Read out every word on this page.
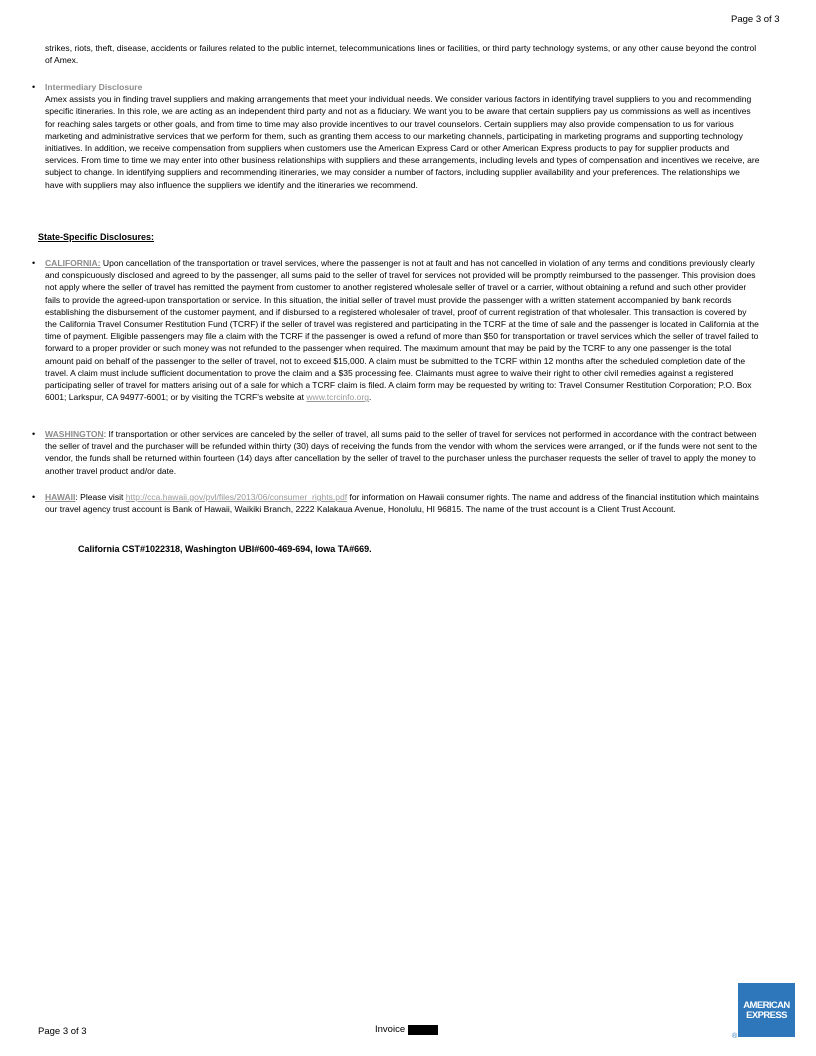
Page 3 of 3

strikes, riots, theft, disease, accidents or failures related to the public internet, telecommunications lines or facilities, or third party technology systems, or any other cause beyond the control of Amex.

• Intermediary Disclosure

Amex assists you in finding travel suppliers and making arrangements that meet your individual needs. We consider various factors in identifying travel suppliers to you and recommending specific itineraries. In this role, we are acting as an independent third party and not as a fiduciary. We want you to be aware that certain suppliers pay us commissions as well as incentives for reaching sales targets or other goals, and from time to time may also provide incentives to our travel counselors. Certain suppliers may also provide compensation to us for various marketing and administrative services that we perform for them, such as granting them access to our marketing channels, participating in marketing programs and supporting technology initiatives. In addition, we receive compensation from suppliers when customers use the American Express Card or other American Express products to pay for supplier products and services. From time to time we may enter into other business relationships with suppliers and these arrangements, including levels and types of compensation and incentives we receive, are subject to change. In identifying suppliers and recommending itineraries, we may consider a number of factors, including supplier availability and your preferences. The relationships we have with suppliers may also influence the suppliers we identify and the itineraries we recommend.

State-Specific Disclosures:
• CALIFORNIA: Upon cancellation of the transportation or travel services, where the passenger is not at fault and has not cancelled in violation of any terms and conditions previously clearly and conspicuously disclosed and agreed to by the passenger, all sums paid to the seller of travel for services not provided will be promptly reimbursed to the passenger. This provision does not apply where the seller of travel has remitted the payment from customer to another registered wholesale seller of travel or a carrier, without obtaining a refund and such other provider fails to provide the agreed-upon transportation or service. In this situation, the initial seller of travel must provide the passenger with a written statement accompanied by bank records establishing the disbursement of the customer payment, and if disbursed to a registered wholesaler of travel, proof of current registration of that wholesaler. This transaction is covered by the California Travel Consumer Restitution Fund (TCRF) if the seller of travel was registered and participating in the TCRF at the time of sale and the passenger is located in California at the time of payment. Eligible passengers may file a claim with the TCRF if the passenger is owed a refund of more than $50 for transportation or travel services which the seller of travel failed to forward to a proper provider or such money was not refunded to the passenger when required. The maximum amount that may be paid by the TCRF to any one passenger is the total amount paid on behalf of the passenger to the seller of travel, not to exceed $15,000. A claim must be submitted to the TCRF within 12 months after the scheduled completion date of the travel. A claim must include sufficient documentation to prove the claim and a $35 processing fee. Claimants must agree to waive their right to other civil remedies against a registered participating seller of travel for matters arising out of a sale for which a TCRF claim is filed. A claim form may be requested by writing to: Travel Consumer Restitution Corporation; P.O. Box 6001; Larkspur, CA 94977-6001; or by visiting the TCRF's website at www.tcrcinfo.org.

• WASHINGTON: If transportation or other services are canceled by the seller of travel, all sums paid to the seller of travel for services not performed in accordance with the contract between the seller of travel and the purchaser will be refunded within thirty (30) days of receiving the funds from the vendor with whom the services were arranged, or if the funds were not sent to the vendor, the funds shall be returned within fourteen (14) days after cancellation by the seller of travel to the purchaser unless the purchaser requests the seller of travel to apply the money to another travel product and/or date.

• HAWAII: Please visit http://cca.hawaii.gov/pvl/files/2013/06/consumer_rights.pdf for information on Hawaii consumer rights. The name and address of the financial institution which maintains our travel agency trust account is Bank of Hawaii, Waikiki Branch, 2222 Kalakaua Avenue, Honolulu, HI 96815. The name of the trust account is a Client Trust Account.

California CST#1022318, Washington UBI#600-469-694, Iowa TA#669.
Page 3 of 3	Invoice
AMERICAN
EXPRESS
®
